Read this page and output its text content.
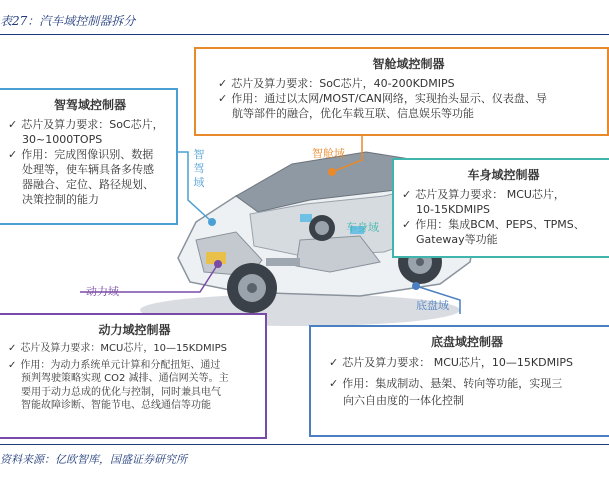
表27：汽车域控制器拆分
智舱域控制器
✓ 芯片及算力要求：SoC芯片，40-200KDMIPS
✓ 作用：通过以太网/MOST/CAN网络，实现抬头显示、仪表盘、导
航等部件的融合，优化车载互联、信息娱乐等功能
智驾域控制器
✓ 芯片及算力要求：SoC芯片，
30~1000TOPS
✓ 作用：完成图像识别、数据
处理等，使车辆具备多传感
器融合、定位、路径规划、
决策控制的能力
车身域控制器
✓ 芯片及算力要求： MCU芯片，
10-15KDMIPS
✓ 作用：集成BCM、PEPS、TPMS、
Gateway等功能
动力域控制器
✓ 芯片及算力要求：MCU芯片，10—15KDMIPS
✓ 作用：为动力系统单元计算和分配扭矩、通过
预判驾驶策略实现 CO2 减排、通信网关等。主
要用于动力总成的优化与控制，同时兼具电气
智能故障诊断、智能节电、总线通信等功能
底盘域控制器
✓ 芯片及算力要求： MCU芯片，10—15KDMIPS
✓ 作用：集成制动、悬架、转向等功能，实现三
向六自由度的一体化控制
智舱域
车身域
动力域
底盘域
智驾域
资料来源：亿欧智库，国盛证券研究所
